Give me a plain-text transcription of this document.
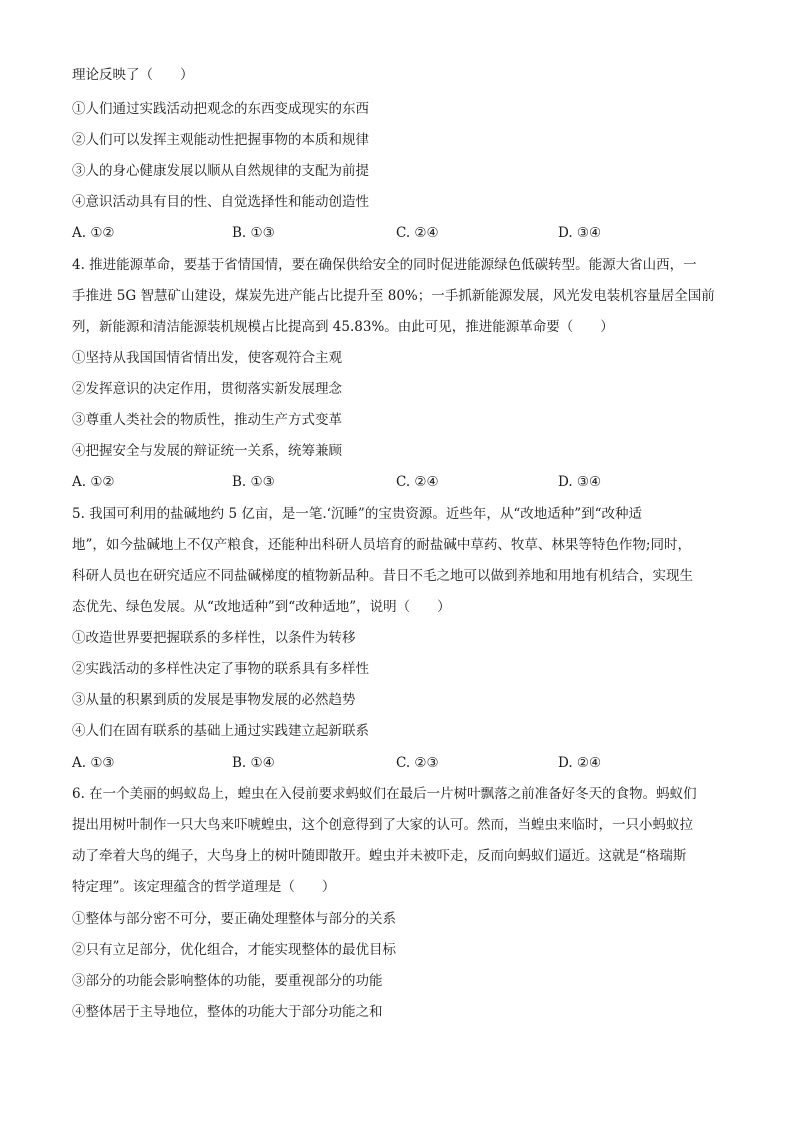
理论反映了（　　）
①人们通过实践活动把观念的东西变成现实的东西
②人们可以发挥主观能动性把握事物的本质和规律
③人的身心健康发展以顺从自然规律的支配为前提
④意识活动具有目的性、自觉选择性和能动创造性
A. ①②	B. ①③	C. ②④	D. ③④
4. 推进能源革命，要基于省情国情，要在确保供给安全的同时促进能源绿色低碳转型。能源大省山西，一
手推进 5G 智慧矿山建设，煤炭先进产能占比提升至 80%；一手抓新能源发展，风光发电装机容量居全国前
列，新能源和清洁能源装机规模占比提高到 45.83%。由此可见，推进能源革命要（　　）
①坚持从我国国情省情出发，使客观符合主观
②发挥意识的决定作用，贯彻落实新发展理念
③尊重人类社会的物质性，推动生产方式变革
④把握安全与发展的辩证统一关系，统筹兼顾
A. ①②	B. ①③	C. ②④	D. ③④
5. 我国可利用的盐碱地约 5 亿亩，是一笔.‘沉睡”的宝贵资源。近些年，从“改地适种”到“改种适
地”，如今盐碱地上不仅产粮食，还能种出科研人员培育的耐盐碱中草药、牧草、林果等特色作物;同时，
科研人员也在研究适应不同盐碱梯度的植物新品种。昔日不毛之地可以做到养地和用地有机结合，实现生
态优先、绿色发展。从“改地适种”到“改种适地”，说明（　　）
①改造世界要把握联系的多样性，以条件为转移
②实践活动的多样性决定了事物的联系具有多样性
③从量的积累到质的发展是事物发展的必然趋势
④人们在固有联系的基础上通过实践建立起新联系
A. ①③	B. ①④	C. ②③	D. ②④
6. 在一个美丽的蚂蚁岛上，蝗虫在入侵前要求蚂蚁们在最后一片树叶飘落之前准备好冬天的食物。蚂蚁们
提出用树叶制作一只大鸟来吓唬蝗虫，这个创意得到了大家的认可。然而，当蝗虫来临时，一只小蚂蚁拉
动了牵着大鸟的绳子，大鸟身上的树叶随即散开。蝗虫并未被吓走，反而向蚂蚁们逼近。这就是“格瑞斯
特定理”。该定理蕴含的哲学道理是（　　）
①整体与部分密不可分，要正确处理整体与部分的关系
②只有立足部分，优化组合，才能实现整体的最优目标
③部分的功能会影响整体的功能，要重视部分的功能
④整体居于主导地位，整体的功能大于部分功能之和
